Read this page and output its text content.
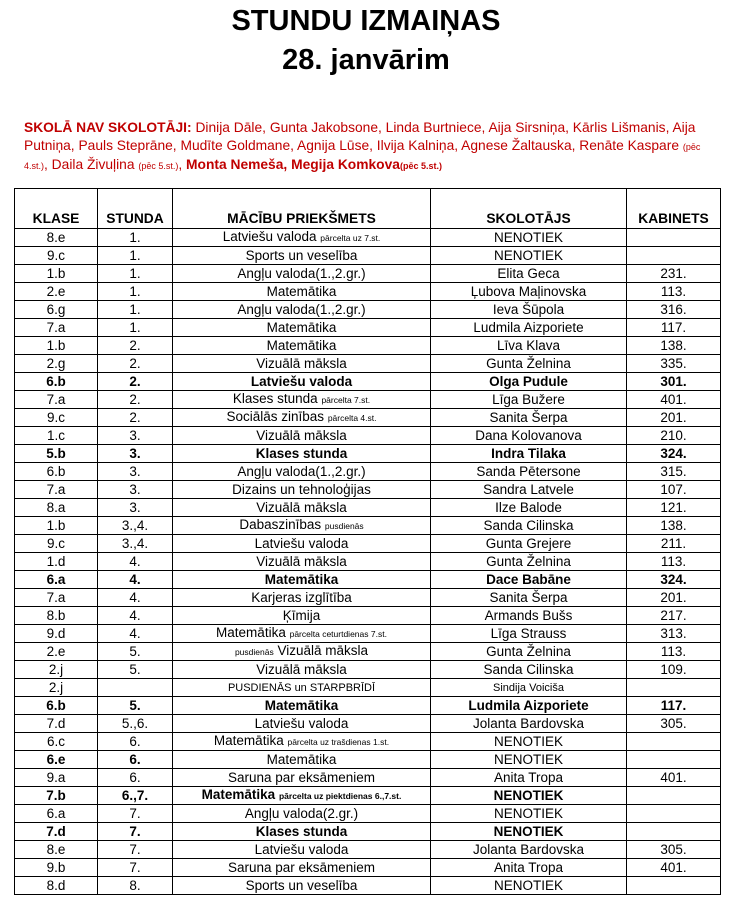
STUNDU IZMAIŅAS
28. janvārim
SKOLĀ NAV SKOLOTĀJI: Dinija Dāle, Gunta Jakobsone, Linda Burtniece, Aija Sirsniņa, Kārlis Lišmanis, Aija Putniņa, Pauls Steprāne, Mudīte Goldmane, Agnija Lūse, Ilvija Kalniņa, Agnese Žaltauska, Renāte Kaspare (pēc 4.st.), Daila Živuļina (pēc 5.st.), Monta Nemeša, Megija Komkova(pēc 5.st.)
KLASE	STUNDA	MĀCĪBU PRIEKŠMETS	SKOLOTĀJS	KABINETS
8.e	1.	Latviešu valoda pārcelta uz 7.st.	NENOTIEK	
9.c	1.	Sports un veselība	NENOTIEK	
1.b	1.	Angļu valoda(1.,2.gr.)	Elita Geca	231.
2.e	1.	Matemātika	Ļubova Maļinovska	113.
6.g	1.	Angļu valoda(1.,2.gr.)	Ieva Šūpola	316.
7.a	1.	Matemātika	Ludmila Aizporiete	117.
1.b	2.	Matemātika	Līva Klava	138.
2.g	2.	Vizuālā māksla	Gunta Želnina	335.
6.b	2.	Latviešu valoda	Olga Pudule	301.
7.a	2.	Klases stunda pārcelta 7.st.	Līga Bužere	401.
9.c	2.	Sociālās zinības pārcelta 4.st.	Sanita Šerpa	201.
1.c	3.	Vizuālā māksla	Dana Kolovanova	210.
5.b	3.	Klases stunda	Indra Tilaka	324.
6.b	3.	Angļu valoda(1.,2.gr.)	Sanda Pētersone	315.
7.a	3.	Dizains un tehnoloģijas	Sandra Latvele	107.
8.a	3.	Vizuālā māksla	Ilze Balode	121.
1.b	3.,4.	Dabaszinības pusdienās	Sanda Cilinska	138.
9.c	3.,4.	Latviešu valoda	Gunta Grejere	211.
1.d	4.	Vizuālā māksla	Gunta Želnina	113.
6.a	4.	Matemātika	Dace Babāne	324.
7.a	4.	Karjeras izglītība	Sanita Šerpa	201.
8.b	4.	Ķīmija	Armands Bušs	217.
9.d	4.	Matemātika pārcelta ceturtdienas 7.st.	Līga Strauss	313.
2.e	5.	pusdienās Vizuālā māksla	Gunta Želnina	113.
2.j	5.	Vizuālā māksla	Sanda Cilinska	109.
2.j		PUSDIENĀS un STARPBRĪDĪ	Sindija Voiciša	
6.b	5.	Matemātika	Ludmila Aizporiete	117.
7.d	5.,6.	Latviešu valoda	Jolanta Bardovska	305.
6.c	6.	Matemātika pārcelta uz trašdienas 1.st.	NENOTIEK	
6.e	6.	Matemātika	NENOTIEK	
9.a	6.	Saruna par eksāmeniem	Anita Tropa	401.
7.b	6.,7.	Matemātika pārcelta uz piektdienas 6.,7.st.	NENOTIEK	
6.a	7.	Angļu valoda(2.gr.)	NENOTIEK	
7.d	7.	Klases stunda	NENOTIEK	
8.e	7.	Latviešu valoda	Jolanta Bardovska	305.
9.b	7.	Saruna par eksāmeniem	Anita Tropa	401.
8.d	8.	Sports un veselība	NENOTIEK	
